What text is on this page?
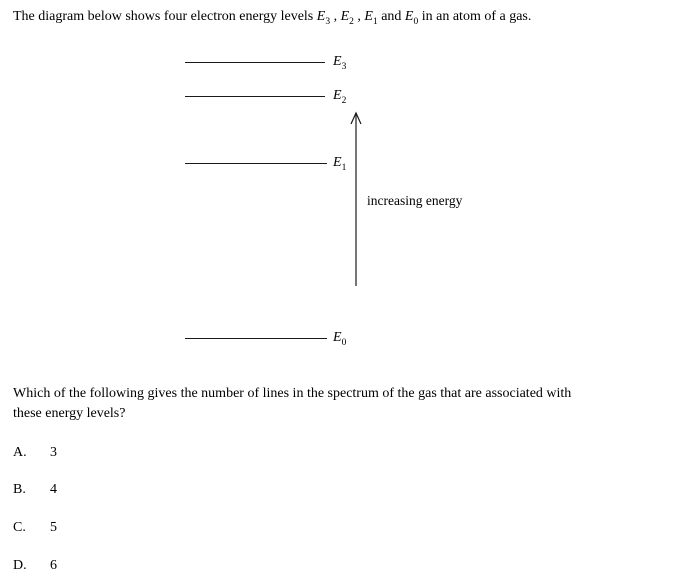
The diagram below shows four electron energy levels $E_3$ , $E_2$ , $E_1$ and $E_0$ in an atom of a gas.

$E_3$
$E_2$
$E_1$
$E_0$
increasing energy

Which of the following gives the number of lines in the spectrum of the gas that are associated with
these energy levels?

A. 3
B. 4
C. 5
D. 6
